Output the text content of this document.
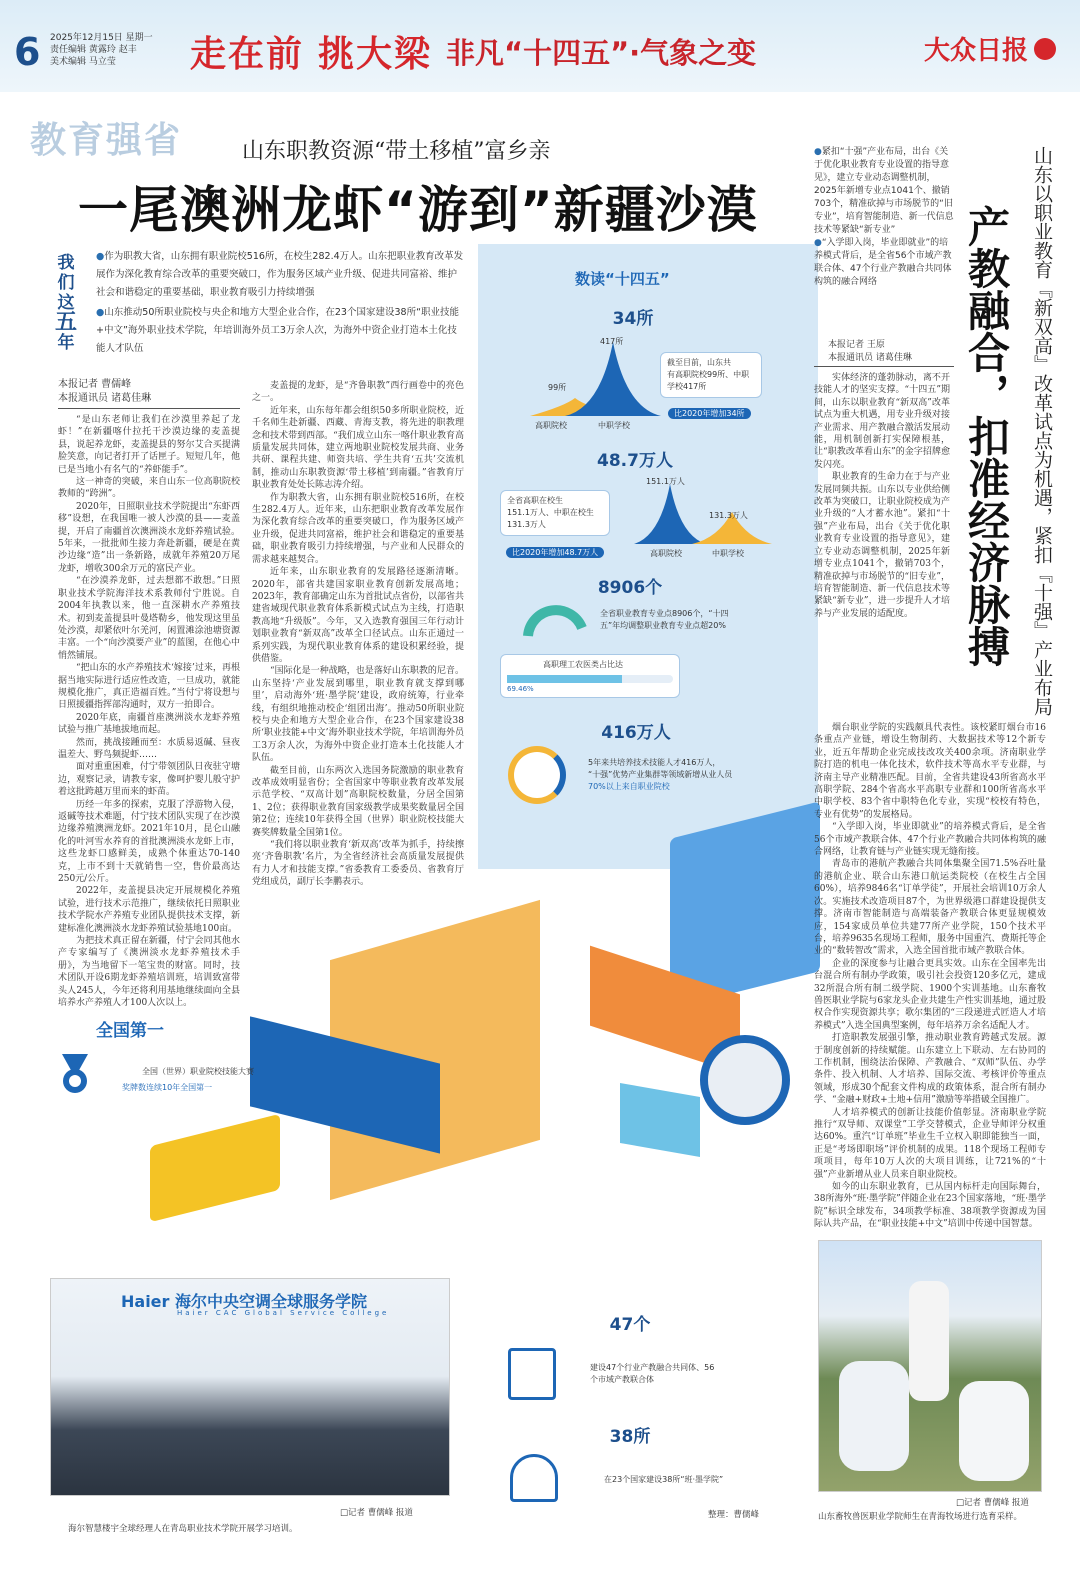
6 2025年12月15日 星期一
责任编辑 黄露玲 赵丰
美术编辑 马立莹	走在前 挑大梁 非凡“十四五”·气象之变	大众日报
教育强省	山东职教资源“带土移植”富乡亲
一尾澳洲龙虾“游到”新疆沙漠
我
们
这
五
年

●作为职教大省，山东拥有职业院校516所，在校生282.4万人。山东把职业教育改革发展作为深化教育综合改革的重要突破口，作为服务区域产业升级、促进共同富裕、维护社会和谐稳定的重要基础，职业教育吸引力持续增强

●山东推动50所职业院校与央企和地方大型企业合作，在23个国家建设38所“职业技能+中文”海外职业技术学院，年培训海外员工3万余人次，为海外中资企业打造本土化技能人才队伍

本报记者 曹儒峰
本报通讯员 诸葛佳琳

“是山东老师让我们在沙漠里养起了龙虾！”在新疆喀什拉托干沙漠边缘的麦盖提县，说起养龙虾，麦盖提县的努尔艾合买提满脸笑意，向记者打开了话匣子。短短几年，他已是当地小有名气的“养虾能手”。

这一神奇的突破，来自山东一位高职院校教师的“跨洲”。

2020年，日照职业技术学院提出“东虾西移”设想，在我国唯一被人沙漠的县——麦盖提，开启了南疆首次澳洲淡水龙虾养殖试验。5年来，一批批师生接力奔赴新疆，硬是在黄沙边缘“造”出一条新路，成就年养殖20万尾龙虾，增收300余万元的富民产业。

“在沙漠养龙虾，过去想都不敢想。”日照职业技术学院海洋技术系教师付宁胜说。自2004年执教以来，他一直深耕水产养殖技术。初到麦盖提县叶曼塔勒乡，他发现这里虽处沙漠，却紧依叶尔羌河，闲置滩涂池塘资源丰富。一个“向沙漠要产业”的蓝图，在他心中悄然铺展。

“把山东的水产养殖技术‘嫁接’过来，再根据当地实际进行适应性改造，一旦成功，就能规模化推广，真正造福百姓。”当付宁将设想与日照援疆指挥部沟通时，双方一拍即合。

2020年底，南疆首座澳洲淡水龙虾养殖试验与推广基地拔地而起。

然而，挑战接踵而至：水质易返碱、昼夜温差大、野鸟频捉虾……

面对重重困难，付宁带领团队日夜驻守塘边，观察记录，请教专家，像呵护婴儿般守护着这批跨越万里而来的虾苗。

历经一年多的探索，克服了浮游物入侵，返碱等技术难题，付宁技术团队实现了在沙漠边缘养殖澳洲龙虾。2021年10月，昆仑山融化的叶河雪水养育的首批澳洲淡水龙虾上市，这些龙虾口感鲜美，成熟个体重达70-140克，上市不到十天就销售一空，售价最高达250元/公斤。

2022年，麦盖提县决定开展规模化养殖试验，进行技术示范推广，继续依托日照职业技术学院水产养殖专业团队提供技术支撑，新建标准化澳洲淡水龙虾养殖试验基地100亩。

为把技术真正留在新疆，付宁会同其他水产专家编写了《澳洲淡水龙虾养殖技术手册》，为当地留下一笔宝贵的财富。同时，技术团队开设6期龙虾养殖培训班，培训致富带头人245人，今年还将利用基地继续面向全县培养水产养殖人才100人次以上。

麦盖提的龙虾，是“齐鲁职教”西行画卷中的亮色之一。

近年来，山东每年都会组织50多所职业院校，近千名师生赴新疆、西藏、青海支教，将先进的职教理念和技术带到西部。“我们成立山东一喀什职业教育高质量发展共同体，建立两地职业院校发展共商、业务共研、课程共建、师资共培、学生共育‘五共’交流机制，推动山东职教资源‘带土移植’到南疆。”省教育厅职业教育处处长陈志涛介绍。

作为职教大省，山东拥有职业院校516所，在校生282.4万人。近年来，山东把职业教育改革发展作为深化教育综合改革的重要突破口，作为服务区域产业升级，促进共同富裕，维护社会和谐稳定的重要基础，职业教育吸引力持续增强，与产业和人民群众的需求越来越契合。

近年来，山东职业教育的发展路径逐渐清晰。2020年，部省共建国家职业教育创新发展高地；2023年，教育部确定山东为首批试点省份，以部省共建省域现代职业教育体系新模式试点为主线，打造职教高地“升级版”。今年，又入选教育强国三年行动计划职业教育“新双高”改革全口径试点。山东正通过一系列实践，为现代职业教育体系的建设积累经验，提供借鉴。

“国际化是一种战略，也是落好山东职教的尼音。山东坚持‘产业发展到哪里，职业教育就支撑到哪里’，启动海外‘班·墨学院’建设，政府统筹，行业牵线，有组织地推动校企‘组团出海’。推动50所职业院校与央企和地方大型企业合作，在23个国家建设38所‘职业技能+中文’海外职业技术学院，年培训海外员工3万余人次，为海外中资企业打造本土化技能人才队伍。

截至目前，山东两次入选国务院激励的职业教育改革成效明显省份；全省国家中等职业教育改革发展示范学校、“双高计划”高职院校数量，分居全国第1、2位；获得职业教育国家级教学成果奖数量居全国第2位；连续10年获得全国（世界）职业院校技能大赛奖牌数量全国第1位。

“我们将以职业教育‘新双高’改革为抓手，持续擦亮‘齐鲁职教’名片，为全省经济社会高质量发展提供有力人才和技能支撑。”省委教育工委委员、省教育厅党组成员，副厅长李鹏表示。

数读“十四五”
34所
99所
417所
高职院校	中职学校
截至目前，山东共
有高职院校99所、中职
学校417所
比2020年增加34所
48.7万人
全省高职在校生
151.1万人、中职在校生
131.3万人
比2020年增加48.7万人
151.1万人
131.3万人
高职院校	中职学校
8906个
全省职业教育专业点8906个，“十四
五”年均调整职业教育专业点超20%
高职理工农医类占比达
69.46%
416万人
5年来共培养技术技能人才416万人，
“十强”优势产业集群等领域新增从业人员
70%以上来自职业院校
全国第一
全国（世界）职业院校技能大赛
奖牌数连续10年全国第一
47个
建设47个行业产教融合共同体、56
个市域产教联合体
38所
在23个国家建设38所“班·墨学院”
整理：曹儒峰
Haier 海尔中央空调全球服务学院
Haier CAC Global Service College
海尔智慧楼宇全球经理人在青岛职业技术学院开展学习培训。
□记者 曹儒峰 报道
山东以职业教育『新双高』改革试点为机遇，紧扣『十强』产业布局
产教融合，扣准经济脉搏

●紧扣“十强”产业布局，出台《关于优化职业教育专业设置的指导意见》，建立专业动态调整机制，2025年新增专业点1041个、撤销703个，精准砍掉与市场脱节的“旧专业”，培育智能制造、新一代信息技术等紧缺“新专业”

●“入学即入岗，毕业即就业”的培养模式背后，是全省56个市域产教联合体、47个行业产教融合共同体构筑的融合网络

本报记者 王原
本报通讯员 诸葛佳琳

实体经济的蓬勃脉动，离不开技能人才的坚实支撑。“十四五”期间，山东以职业教育“新双高”改革试点为重大机遇，用专业升级对接产业需求、用产教融合激活发展动能，用机制创新打实保障根基，让“职教改革看山东”的金字招牌愈发闪亮。

职业教育的生命力在于与产业发展同频共振。山东以专业供给侧改革为突破口，让职业院校成为产业升级的“人才蓄水池”。紧扣“十强”产业布局，出台《关于优化职业教育专业设置的指导意见》，建立专业动态调整机制，2025年新增专业点1041个，撤销703个，精准砍掉与市场脱节的“旧专业”，培育智能制造、新一代信息技术等紧缺“新专业”，进一步提升人才培养与产业发展的适配度。

烟台职业学院的实践颇具代表性。该校紧盯烟台市16条重点产业链，增设生物制药、大数据技术等12个新专业，近五年帮助企业完成技改攻关400余项。济南职业学院打造的机电一体化技术，软件技术等高水平专业群，与济南主导产业精准匹配。目前，全省共建设43所省高水平高职学院、284个省高水平高职专业群和100所省高水平中职学校、83个省中职特色化专业，实现“校校有特色，专业有优势”的发展格局。

“入学即入岗，毕业即就业”的培养模式背后，是全省56个市域产教联合体、47个行业产教融合共同体构筑的融合网络，让教育链与产业链实现无缝衔接。

青岛市的港航产教融合共同体集聚全国71.5%吞吐量的港航企业、联合山东港口航运类院校（在校生占全国60%），培养9846名“订单学徒”，开展社会培训10万余人次。实施技术改造项目87个，为世界级港口群建设提供支撑。济南市智能制造与高端装备产教联合体更显规模效应，154家成员单位共建77所产业学院，150个技术平台，培养9635名现场工程师，服务中国重汽、费斯托等企业的“数转智改”需求，入选全国首批市域产教联合体。

企业的深度参与让融合更具实效。山东在全国率先出台混合所有制办学政策，吸引社会投资120多亿元，建成32所混合所有制二级学院、1900个实训基地。山东畜牧兽医职业学院与6家龙头企业共建生产性实训基地，通过股权合作实现资源共享；歌尔集团的“三段递进式匠造人才培养模式”入选全国典型案例，每年培养万余名适配人才。

打造职教发展强引擎，推动职业教育跨越式发展。源于制度创新的持续赋能。山东建立上下联动、左右协同的工作机制，围绕法治保障、产教融合、“双师”队伍、办学条件、投入机制、人才培养、国际交流、考核评价等重点领域，形成30个配套文件构成的政策体系，混合所有制办学、“金融+财政+土地+信用”激励等举措破全国推广。

人才培养模式的创新让技能价值彰显。济南职业学院推行“双导师、双课堂”工学交替模式，企业导师评分权重达60%。重汽“订单班”毕业生千立权入职即能独当一面，正是“考场即职场”评价机制的成果。118个现场工程师专项项目，每年10万人次的大项目训练，让721%的“十强”产业新增从业人员来自职业院校。

如今的山东职业教育，已从国内标杆走向国际舞台，38所海外“班·墨学院”伴随企业在23个国家落地，“班·墨学院”标识全球发布，34项教学标准、38项教学资源成为国际认共产品，在“职业技能+中文”培训中传递中国智慧。

□记者 曹儒峰 报道
山东畜牧兽医职业学院师生在青海牧场进行选育采样。
